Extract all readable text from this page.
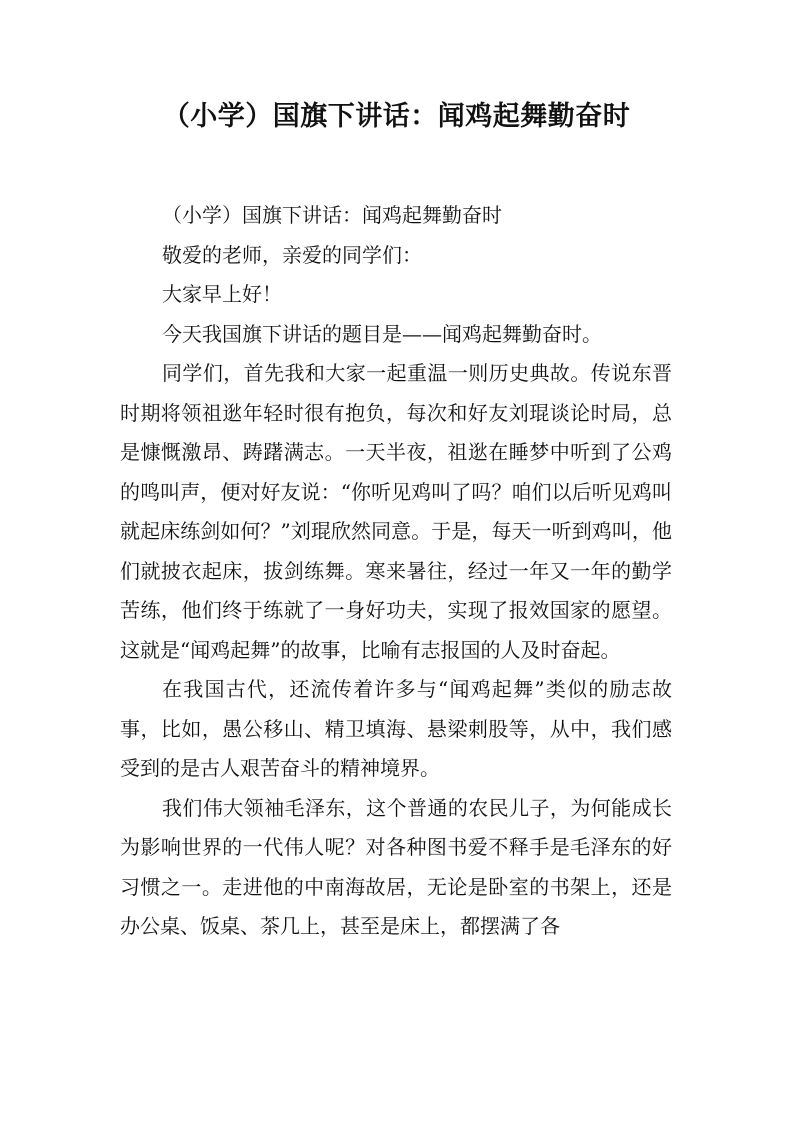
（小学）国旗下讲话：闻鸡起舞勤奋时

（小学）国旗下讲话：闻鸡起舞勤奋时

敬爱的老师，亲爱的同学们：

大家早上好！

今天我国旗下讲话的题目是——闻鸡起舞勤奋时。

同学们，首先我和大家一起重温一则历史典故。传说东晋时期将领祖逖年轻时很有抱负，每次和好友刘琨谈论时局，总是慷慨激昂、踌躇满志。一天半夜，祖逖在睡梦中听到了公鸡的鸣叫声，便对好友说：“你听见鸡叫了吗？咱们以后听见鸡叫就起床练剑如何？”刘琨欣然同意。于是，每天一听到鸡叫，他们就披衣起床，拔剑练舞。寒来暑往，经过一年又一年的勤学苦练，他们终于练就了一身好功夫，实现了报效国家的愿望。这就是“闻鸡起舞”的故事，比喻有志报国的人及时奋起。

在我国古代，还流传着许多与“闻鸡起舞”类似的励志故事，比如，愚公移山、精卫填海、悬梁刺股等，从中，我们感受到的是古人艰苦奋斗的精神境界。

我们伟大领袖毛泽东，这个普通的农民儿子，为何能成长为影响世界的一代伟人呢？对各种图书爱不释手是毛泽东的好习惯之一。走进他的中南海故居，无论是卧室的书架上，还是办公桌、饭桌、茶几上，甚至是床上，都摆满了各
